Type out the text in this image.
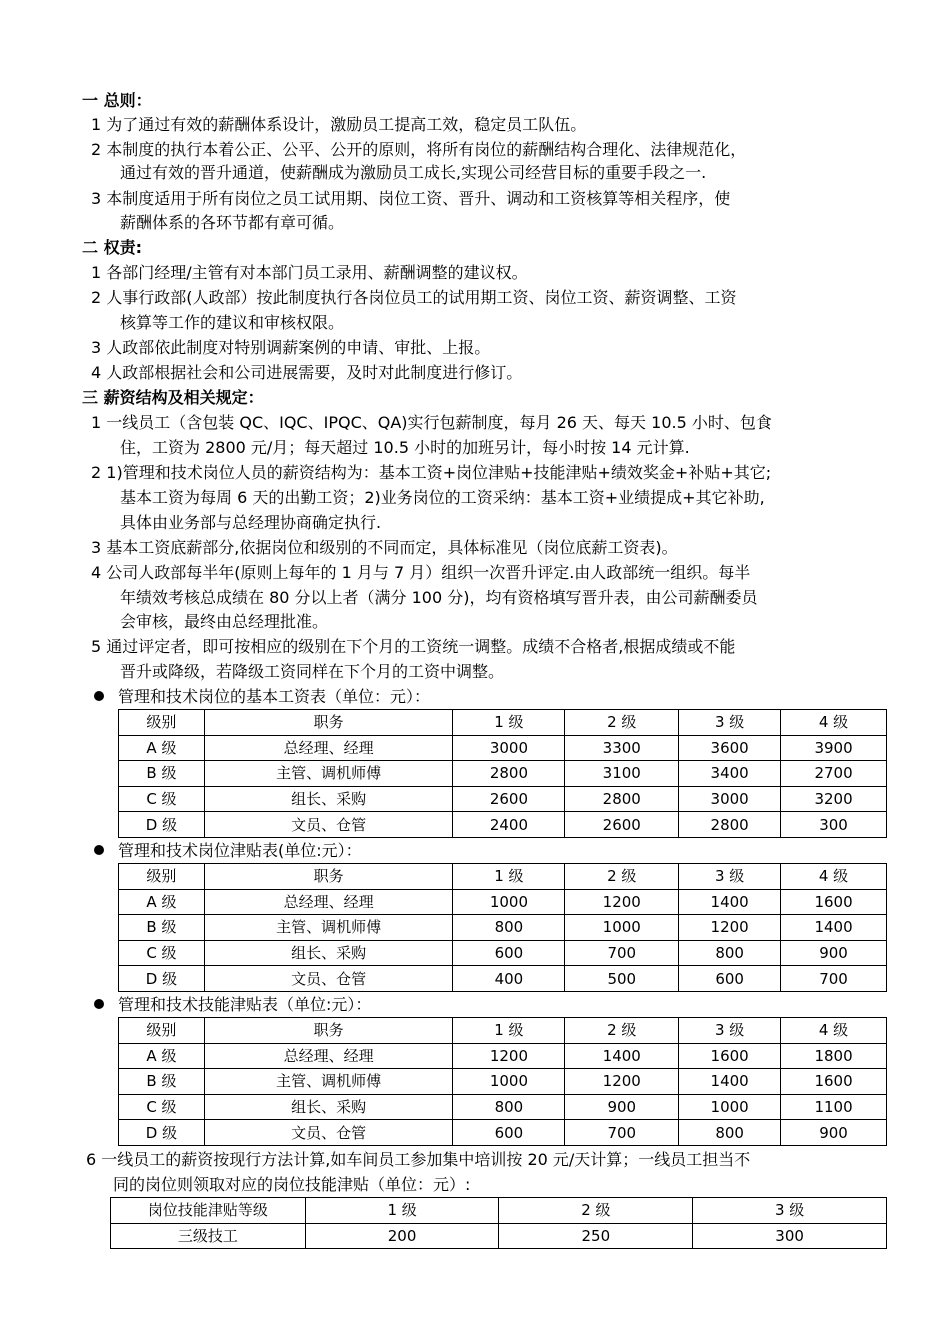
一 总则：
1 为了通过有效的薪酬体系设计，激励员工提高工效，稳定员工队伍。
2 本制度的执行本着公正、公平、公开的原则，将所有岗位的薪酬结构合理化、法律规范化，
通过有效的晋升通道，使薪酬成为激励员工成长,实现公司经营目标的重要手段之一.
3 本制度适用于所有岗位之员工试用期、岗位工资、晋升、调动和工资核算等相关程序，使
薪酬体系的各环节都有章可循。
二 权责:
1 各部门经理/主管有对本部门员工录用、薪酬调整的建议权。
2 人事行政部(人政部）按此制度执行各岗位员工的试用期工资、岗位工资、薪资调整、工资
核算等工作的建议和审核权限。
3 人政部依此制度对特别调薪案例的申请、审批、上报。
4 人政部根据社会和公司进展需要，及时对此制度进行修订。
三 薪资结构及相关规定：
1 一线员工（含包装 QC、IQC、IPQC、QA)实行包薪制度，每月 26 天、每天 10.5 小时、包食
住，工资为 2800 元/月；每天超过 10.5 小时的加班另计，每小时按 14 元计算.
2 1)管理和技术岗位人员的薪资结构为：基本工资+岗位津贴+技能津贴+绩效奖金+补贴+其它;
基本工资为每周 6 天的出勤工资；2)业务岗位的工资采纳：基本工资+业绩提成+其它补助,
具体由业务部与总经理协商确定执行.
3 基本工资底薪部分,依据岗位和级别的不同而定，具体标准见（岗位底薪工资表)。
4 公司人政部每半年(原则上每年的 1 月与 7 月）组织一次晋升评定.由人政部统一组织。每半
年绩效考核总成绩在 80 分以上者（满分 100 分)，均有资格填写晋升表，由公司薪酬委员
会审核，最终由总经理批准。
5 通过评定者，即可按相应的级别在下个月的工资统一调整。成绩不合格者,根据成绩或不能
晋升或降级，若降级工资同样在下个月的工资中调整。
管理和技术岗位的基本工资表（单位：元）：
级别	职务	1 级	2 级	3 级	4 级
A 级	总经理、经理	3000	3300	3600	3900
B 级	主管、调机师傅	2800	3100	3400	2700
C 级	组长、采购	2600	2800	3000	3200
D 级	文员、仓管	2400	2600	2800	300
管理和技术岗位津贴表(单位:元）：
级别	职务	1 级	2 级	3 级	4 级
A 级	总经理、经理	1000	1200	1400	1600
B 级	主管、调机师傅	800	1000	1200	1400
C 级	组长、采购	600	700	800	900
D 级	文员、仓管	400	500	600	700
管理和技术技能津贴表（单位:元）：
级别	职务	1 级	2 级	3 级	4 级
A 级	总经理、经理	1200	1400	1600	1800
B 级	主管、调机师傅	1000	1200	1400	1600
C 级	组长、采购	800	900	1000	1100
D 级	文员、仓管	600	700	800	900
6 一线员工的薪资按现行方法计算,如车间员工参加集中培训按 20 元/天计算；一线员工担当不
同的岗位则领取对应的岗位技能津贴（单位：元）:
岗位技能津贴等级	1 级	2 级	3 级
三级技工	200	250	300
